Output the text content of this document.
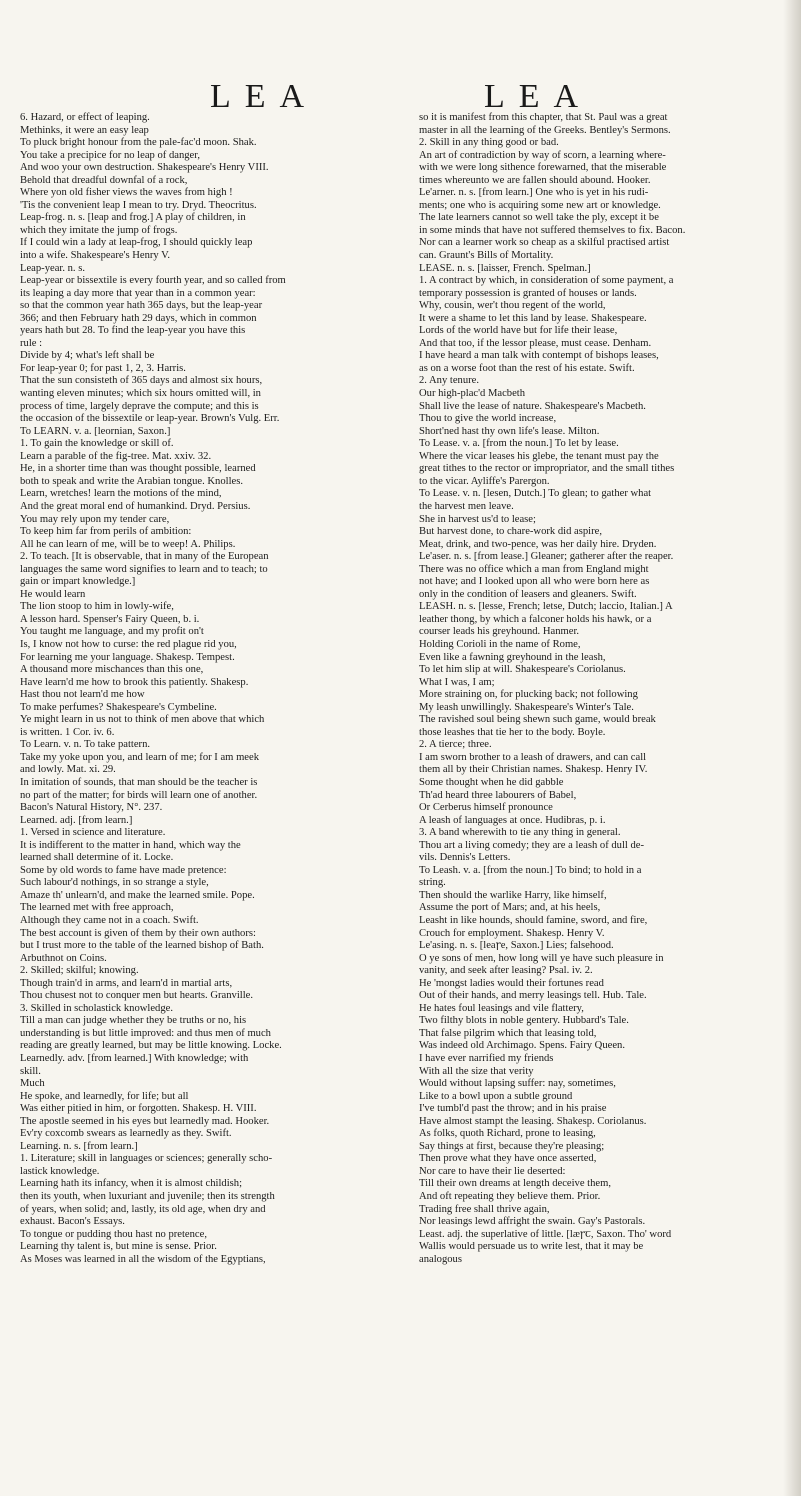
LEA	LEA
6. Hazard, or effect of leaping.
Methinks, it were an easy leap
To pluck bright honour from the pale-fac'd moon. Shak.
You take a precipice for no leap of danger,
And woo your own destruction. Shakespeare's Henry VIII.
Behold that dreadful downfal of a rock,
Where yon old fisher views the waves from high !
'Tis the convenient leap I mean to try. Dryd. Theocritus.
Leap-frog. n. s. [leap and frog.] A play of children, in
which they imitate the jump of frogs.
If I could win a lady at leap-frog, I should quickly leap
into a wife. Shakespeare's Henry V.
Leap-year. n. s.
Leap-year or bissextile is every fourth year, and so called from
its leaping a day more that year than in a common year:
so that the common year hath 365 days, but the leap-year
366; and then February hath 29 days, which in common
years hath but 28. To find the leap-year you have this
rule :
Divide by 4; what's left shall be
For leap-year 0; for past 1, 2, 3. Harris.
That the sun consisteth of 365 days and almost six hours,
wanting eleven minutes; which six hours omitted will, in
process of time, largely deprave the compute; and this is
the occasion of the bissextile or leap-year. Brown's Vulg. Err.
To LEARN. v. a. [leornian, Saxon.]
1. To gain the knowledge or skill of.
Learn a parable of the fig-tree. Mat. xxiv. 32.
He, in a shorter time than was thought possible, learned
both to speak and write the Arabian tongue. Knolles.
Learn, wretches! learn the motions of the mind,
And the great moral end of humankind. Dryd. Persius.
You may rely upon my tender care,
To keep him far from perils of ambition:
All he can learn of me, will be to weep! A. Philips.
2. To teach. [It is observable, that in many of the European
languages the same word signifies to learn and to teach; to
gain or impart knowledge.]
He would learn
The lion stoop to him in lowly-wife,
A lesson hard. Spenser's Fairy Queen, b. i.
You taught me language, and my profit on't
Is, I know not how to curse: the red plague rid you,
For learning me your language. Shakesp. Tempest.
A thousand more mischances than this one,
Have learn'd me how to brook this patiently. Shakesp.
Hast thou not learn'd me how
To make perfumes? Shakespeare's Cymbeline.
Ye might learn in us not to think of men above that which
is written. 1 Cor. iv. 6.
To Learn. v. n. To take pattern.
Take my yoke upon you, and learn of me; for I am meek
and lowly. Mat. xi. 29.
In imitation of sounds, that man should be the teacher is
no part of the matter; for birds will learn one of another.
Bacon's Natural History, N°. 237.
Learned. adj. [from learn.]
1. Versed in science and literature.
It is indifferent to the matter in hand, which way the
learned shall determine of it. Locke.
Some by old words to fame have made pretence:
Such labour'd nothings, in so strange a style,
Amaze th' unlearn'd, and make the learned smile. Pope.
The learned met with free approach,
Although they came not in a coach. Swift.
The best account is given of them by their own authors:
but I trust more to the table of the learned bishop of Bath.
Arbuthnot on Coins.
2. Skilled; skilful; knowing.
Though train'd in arms, and learn'd in martial arts,
Thou chusest not to conquer men but hearts. Granville.
3. Skilled in scholastick knowledge.
Till a man can judge whether they be truths or no, his
understanding is but little improved: and thus men of much
reading are greatly learned, but may be little knowing. Locke.
Learnedly. adv. [from learned.] With knowledge; with
skill.
Much
He spoke, and learnedly, for life; but all
Was either pitied in him, or forgotten. Shakesp. H. VIII.
The apostle seemed in his eyes but learnedly mad. Hooker.
Ev'ry coxcomb swears as learnedly as they. Swift.
Learning. n. s. [from learn.]
1. Literature; skill in languages or sciences; generally scho-
lastick knowledge.
Learning hath its infancy, when it is almost childish;
then its youth, when luxuriant and juvenile; then its strength
of years, when solid; and, lastly, its old age, when dry and
exhaust. Bacon's Essays.
To tongue or pudding thou hast no pretence,
Learning thy talent is, but mine is sense. Prior.
As Moses was learned in all the wisdom of the Egyptians,
so it is manifest from this chapter, that St. Paul was a great
master in all the learning of the Greeks. Bentley's Sermons.
2. Skill in any thing good or bad.
An art of contradiction by way of scorn, a learning where-
with we were long sithence forewarned, that the miserable
times whereunto we are fallen should abound. Hooker.
Le'arner. n. s. [from learn.] One who is yet in his rudi-
ments; one who is acquiring some new art or knowledge.
The late learners cannot so well take the ply, except it be
in some minds that have not suffered themselves to fix. Bacon.
Nor can a learner work so cheap as a skilful practised artist
can. Graunt's Bills of Mortality.
LEASE. n. s. [laisser, French. Spelman.]
1. A contract by which, in consideration of some payment, a
temporary possession is granted of houses or lands.
Why, cousin, wer't thou regent of the world,
It were a shame to let this land by lease. Shakespeare.
Lords of the world have but for life their lease,
And that too, if the lessor please, must cease. Denham.
I have heard a man talk with contempt of bishops leases,
as on a worse foot than the rest of his estate. Swift.
2. Any tenure.
Our high-plac'd Macbeth
Shall live the lease of nature. Shakespeare's Macbeth.
Thou to give the world increase,
Short'ned hast thy own life's lease. Milton.
To Lease. v. a. [from the noun.] To let by lease.
Where the vicar leases his glebe, the tenant must pay the
great tithes to the rector or impropriator, and the small tithes
to the vicar. Ayliffe's Parergon.
To Lease. v. n. [lesen, Dutch.] To glean; to gather what
the harvest men leave.
She in harvest us'd to lease;
But harvest done, to chare-work did aspire,
Meat, drink, and two-pence, was her daily hire. Dryden.
Le'aser. n. s. [from lease.] Gleaner; gatherer after the reaper.
There was no office which a man from England might
not have; and I looked upon all who were born here as
only in the condition of leasers and gleaners. Swift.
LEASH. n. s. [lesse, French; letse, Dutch; laccio, Italian.] A
leather thong, by which a falconer holds his hawk, or a
courser leads his greyhound. Hanmer.
Holding Corioli in the name of Rome,
Even like a fawning greyhound in the leash,
To let him slip at will. Shakespeare's Coriolanus.
What I was, I am;
More straining on, for plucking back; not following
My leash unwillingly. Shakespeare's Winter's Tale.
The ravished soul being shewn such game, would break
those leashes that tie her to the body. Boyle.
2. A tierce; three.
I am sworn brother to a leash of drawers, and can call
them all by their Christian names. Shakesp. Henry IV.
Some thought when he did gabble
Th'ad heard three labourers of Babel,
Or Cerberus himself pronounce
A leash of languages at once. Hudibras, p. i.
3. A band wherewith to tie any thing in general.
Thou art a living comedy; they are a leash of dull de-
vils. Dennis's Letters.
To Leash. v. a. [from the noun.] To bind; to hold in a
string.
Then should the warlike Harry, like himself,
Assume the port of Mars; and, at his heels,
Leasht in like hounds, should famine, sword, and fire,
Crouch for employment. Shakesp. Henry V.
Le'asing. n. s. [leaꞅe, Saxon.] Lies; falsehood.
O ye sons of men, how long will ye have such pleasure in
vanity, and seek after leasing? Psal. iv. 2.
He 'mongst ladies would their fortunes read
Out of their hands, and merry leasings tell. Hub. Tale.
He hates foul leasings and vile flattery,
Two filthy blots in noble gentery. Hubbard's Tale.
That false pilgrim which that leasing told,
Was indeed old Archimago. Spens. Fairy Queen.
I have ever narrified my friends
With all the size that verity
Would without lapsing suffer: nay, sometimes,
Like to a bowl upon a subtle ground
I've tumbl'd past the throw; and in his praise
Have almost stampt the leasing. Shakesp. Coriolanus.
As folks, quoth Richard, prone to leasing,
Say things at first, because they're pleasing;
Then prove what they have once asserted,
Nor care to have their lie deserted:
Till their own dreams at length deceive them,
And oft repeating they believe them. Prior.
Trading free shall thrive again,
Nor leasings lewd affright the swain. Gay's Pastorals.
Least. adj. the superlative of little. [læꞅꞇ, Saxon. Tho' word
Wallis would persuade us to write lest, that it may be
analogous
